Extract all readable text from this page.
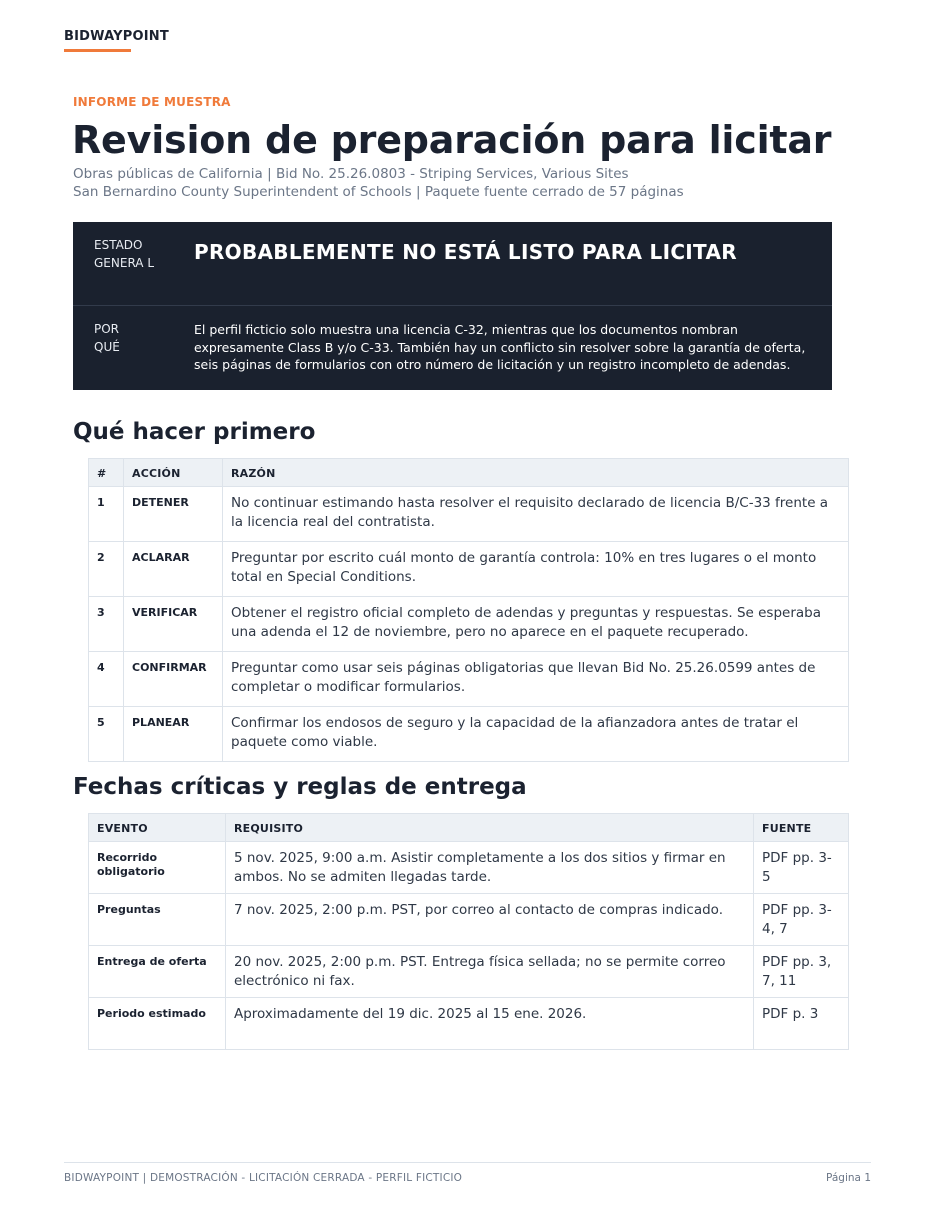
BIDWAYPOINT
INFORME DE MUESTRA
Revision de preparación para licitar
Obras públicas de California | Bid No. 25.26.0803 - Striping Services, Various Sites
San Bernardino County Superintendent of Schools | Paquete fuente cerrado de 57 páginas
ESTADO GENERA L PROBABLEMENTE NO ESTÁ LISTO PARA LICITAR
POR QUÉ
El perfil ficticio solo muestra una licencia C-32, mientras que los documentos nombran expresamente Class B y/o C-33. También hay un conflicto sin resolver sobre la garantía de oferta, seis páginas de formularios con otro número de licitación y un registro incompleto de adendas.
Qué hacer primero
#	ACCIÓN	RAZÓN
1	DETENER	No continuar estimando hasta resolver el requisito declarado de licencia B/C-33 frente a la licencia real del contratista.
2	ACLARAR	Preguntar por escrito cuál monto de garantía controla: 10% en tres lugares o el monto total en Special Conditions.
3	VERIFICAR	Obtener el registro oficial completo de adendas y preguntas y respuestas. Se esperaba una adenda el 12 de noviembre, pero no aparece en el paquete recuperado.
4	CONFIRMAR	Preguntar como usar seis páginas obligatorias que llevan Bid No. 25.26.0599 antes de completar o modificar formularios.
5	PLANEAR	Confirmar los endosos de seguro y la capacidad de la afianzadora antes de tratar el paquete como viable.
Fechas críticas y reglas de entrega
EVENTO	REQUISITO	FUENTE
Recorrido obligatorio	5 nov. 2025, 9:00 a.m. Asistir completamente a los dos sitios y firmar en ambos. No se admiten llegadas tarde.	PDF pp. 3-5
Preguntas	7 nov. 2025, 2:00 p.m. PST, por correo al contacto de compras indicado.	PDF pp. 3-4, 7
Entrega de oferta	20 nov. 2025, 2:00 p.m. PST. Entrega física sellada; no se permite correo electrónico ni fax.	PDF pp. 3, 7, 11
Periodo estimado	Aproximadamente del 19 dic. 2025 al 15 ene. 2026.	PDF p. 3
BIDWAYPOINT | DEMOSTRACIÓN - LICITACIÓN CERRADA - PERFIL FICTICIO	Página 1
